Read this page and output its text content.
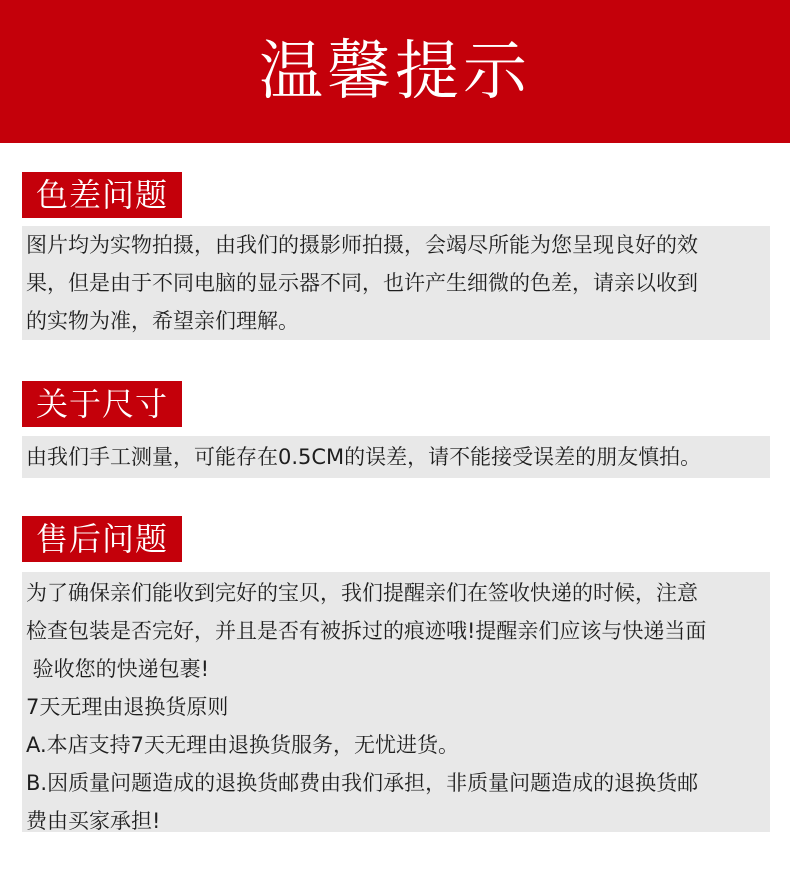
温馨提示
色差问题
图片均为实物拍摄，由我们的摄影师拍摄，会竭尽所能为您呈现良好的效
果，但是由于不同电脑的显示器不同，也许产生细微的色差，请亲以收到
的实物为准，希望亲们理解。
关于尺寸
由我们手工测量，可能存在0.5CM的误差，请不能接受误差的朋友慎拍。
售后问题
为了确保亲们能收到完好的宝贝，我们提醒亲们在签收快递的时候，注意
检查包装是否完好，并且是否有被拆过的痕迹哦!提醒亲们应该与快递当面
验收您的快递包裹!
7天无理由退换货原则
A.本店支持7天无理由退换货服务，无忧进货。
B.因质量问题造成的退换货邮费由我们承担，非质量问题造成的退换货邮
费由买家承担!
